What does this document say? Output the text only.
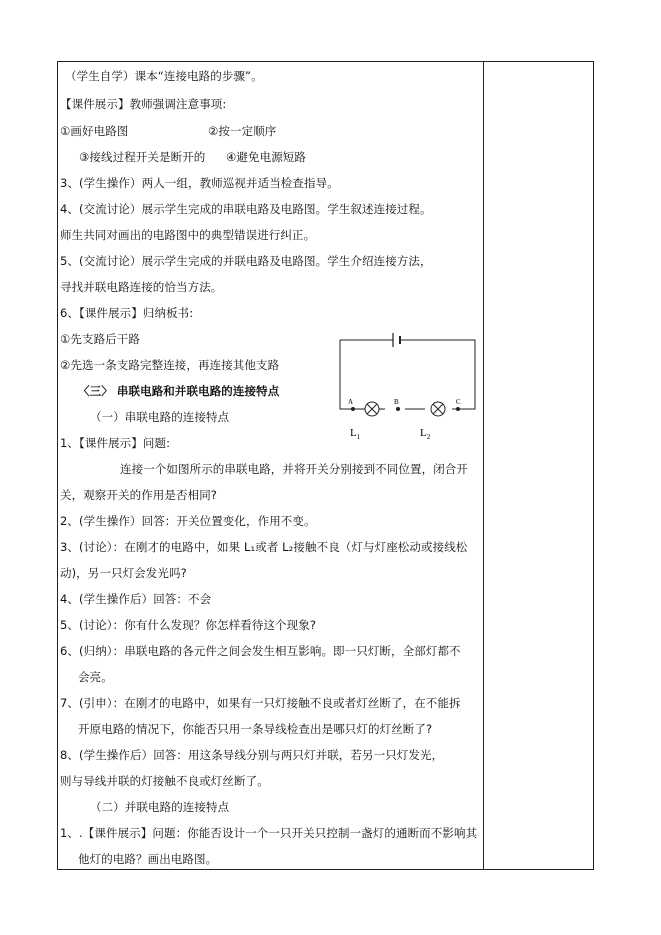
（学生自学）课本“连接电路的步骤”。
【课件展示】教师强调注意事项:
①画好电路图	②按一定顺序
③接线过程开关是断开的 ④避免电源短路
3、(学生操作）两人一组，教师巡视并适当检查指导。
4、(交流讨论）展示学生完成的串联电路及电路图。学生叙述连接过程。
师生共同对画出的电路图中的典型错误进行纠正。
5、(交流讨论）展示学生完成的并联电路及电路图。学生介绍连接方法，
寻找并联电路连接的恰当方法。
6、【课件展示】归纳板书:
①先支路后干路
②先选一条支路完整连接，再连接其他支路
〈三〉 串联电路和并联电路的连接特点
（一）串联电路的连接特点
1、【课件展示】问题:
连接一个如图所示的串联电路，并将开关分别接到不同位置，闭合开
关，观察开关的作用是否相同?
2、(学生操作）回答：开关位置变化，作用不变。
3、(讨论）：在刚才的电路中，如果 L₁或者 L₂接触不良（灯与灯座松动或接线松
动)，另一只灯会发光吗?
4、(学生操作后）回答：不会
5、(讨论）：你有什么发现？你怎样看待这个现象?
6、(归纳）：串联电路的各元件之间会发生相互影响。即一只灯断，全部灯都不
会亮。
7、(引申）：在刚才的电路中，如果有一只灯接触不良或者灯丝断了，在不能拆
开原电路的情况下，你能否只用一条导线检查出是哪只灯的灯丝断了?
8、(学生操作后）回答：用这条导线分别与两只灯并联，若另一只灯发光，
则与导线并联的灯接触不良或灯丝断了。
（二）并联电路的连接特点
1、.【课件展示】问题：你能否设计一个一只开关只控制一盏灯的通断而不影响其
他灯的电路？画出电路图。
A	B	C
$L_1$	$L_2$
